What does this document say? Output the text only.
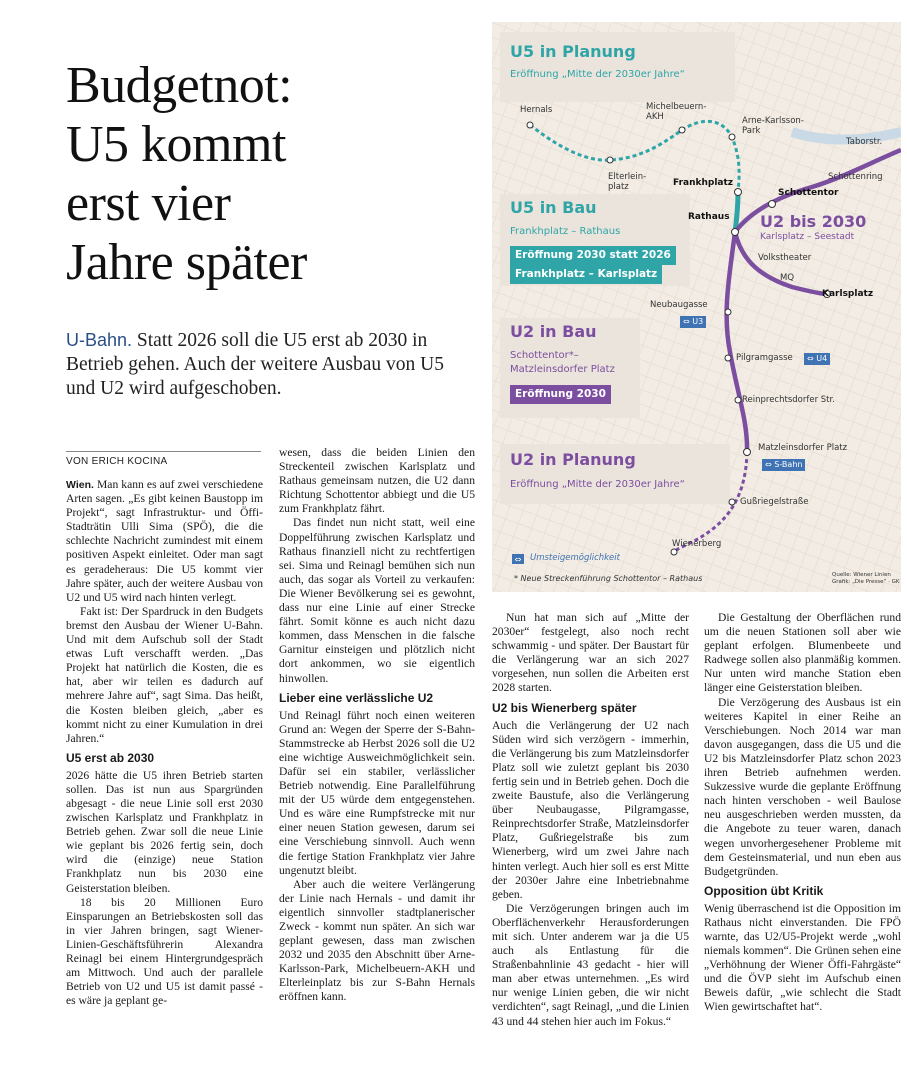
Budgetnot:
U5 kommt
erst vier
Jahre später
U-Bahn. Statt 2026 soll die U5 erst ab 2030 in Betrieb gehen. Auch der weitere Ausbau von U5 und U2 wird aufgeschoben.
VON ERICH KOCINA

Wien. Man kann es auf zwei verschiedene Arten sagen. „Es gibt keinen Baustopp im Projekt“, sagt Infrastruktur- und Öffi-Stadträtin Ulli Sima (SPÖ), die die schlechte Nachricht zumindest mit einem positiven Aspekt einleitet. Oder man sagt es geradeheraus: Die U5 kommt vier Jahre später, auch der weitere Ausbau von U2 und U5 wird nach hinten verlegt.

Fakt ist: Der Spardruck in den Budgets bremst den Ausbau der Wiener U-Bahn. Und mit dem Aufschub soll der Stadt etwas Luft verschafft werden. „Das Projekt hat natürlich die Kosten, die es hat, aber wir teilen es dadurch auf mehrere Jahre auf“, sagt Sima. Das heißt, die Kosten bleiben gleich, „aber es kommt nicht zu einer Kumulation in drei Jahren.“

U5 erst ab 2030

2026 hätte die U5 ihren Betrieb starten sollen. Das ist nun aus Spargründen abgesagt - die neue Linie soll erst 2030 zwischen Karlsplatz und Frankhplatz in Betrieb gehen. Zwar soll die neue Linie wie geplant bis 2026 fertig sein, doch wird die (einzige) neue Station Frankhplatz nun bis 2030 eine Geisterstation bleiben.

18 bis 20 Millionen Euro Einsparungen an Betriebskosten soll das in vier Jahren bringen, sagt Wiener-Linien-Geschäftsführerin Alexandra Reinagl bei einem Hintergrundgespräch am Mittwoch. Und auch der parallele Betrieb von U2 und U5 ist damit passé - es wäre ja geplant ge-

wesen, dass die beiden Linien den Streckenteil zwischen Karlsplatz und Rathaus gemeinsam nutzen, die U2 dann Richtung Schottentor abbiegt und die U5 zum Frankhplatz fährt.

Das findet nun nicht statt, weil eine Doppelführung zwischen Karlsplatz und Rathaus finanziell nicht zu rechtfertigen sei. Sima und Reinagl bemühen sich nun auch, das sogar als Vorteil zu verkaufen: Die Wiener Bevölkerung sei es gewohnt, dass nur eine Linie auf einer Strecke fährt. Somit könne es auch nicht dazu kommen, dass Menschen in die falsche Garnitur einsteigen und plötzlich nicht dort ankommen, wo sie eigentlich hinwollen.

Lieber eine verlässliche U2

Und Reinagl führt noch einen weiteren Grund an: Wegen der Sperre der S-Bahn-Stammstrecke ab Herbst 2026 soll die U2 eine wichtige Ausweichmöglichkeit sein. Dafür sei ein stabiler, verlässlicher Betrieb notwendig. Eine Parallelführung mit der U5 würde dem entgegenstehen. Und es wäre eine Rumpfstrecke mit nur einer neuen Station gewesen, darum sei eine Verschiebung sinnvoll. Auch wenn die fertige Station Frankhplatz vier Jahre ungenutzt bleibt.

Aber auch die weitere Verlängerung der Linie nach Hernals - und damit ihr eigentlich sinnvoller stadtplanerischer Zweck - kommt nun später. An sich war geplant gewesen, dass man zwischen 2032 und 2035 den Abschnitt über Arne-Karlsson-Park, Michelbeuern-AKH und Elterleinplatz bis zur S-Bahn Hernals eröffnen kann.

Nun hat man sich auf „Mitte der 2030er“ festgelegt, also noch recht schwammig - und später. Der Baustart für die Verlängerung war an sich 2027 vorgesehen, nun sollen die Arbeiten erst 2028 starten.

U2 bis Wienerberg später

Auch die Verlängerung der U2 nach Süden wird sich verzögern - immerhin, die Verlängerung bis zum Matzleinsdorfer Platz soll wie zuletzt geplant bis 2030 fertig sein und in Betrieb gehen. Doch die zweite Baustufe, also die Verlängerung über Neubaugasse, Pilgramgasse, Reinprechtsdorfer Straße, Matzleinsdorfer Platz, Gußriegelstraße bis zum Wienerberg, wird um zwei Jahre nach hinten verlegt. Auch hier soll es erst Mitte der 2030er Jahre eine Inbetriebnahme geben.

Die Verzögerungen bringen auch im Oberflächenverkehr Herausforderungen mit sich. Unter anderem war ja die U5 auch als Entlastung für die Straßenbahnlinie 43 gedacht - hier will man aber etwas unternehmen. „Es wird nur wenige Linien geben, die wir nicht verdichten“, sagt Reinagl, „und die Linien 43 und 44 stehen hier auch im Fokus.“

Die Gestaltung der Oberflächen rund um die neuen Stationen soll aber wie geplant erfolgen. Blumenbeete und Radwege sollen also planmäßig kommen. Nur unten wird manche Station eben länger eine Geisterstation bleiben.

Die Verzögerung des Ausbaus ist ein weiteres Kapitel in einer Reihe an Verschiebungen. Noch 2014 war man davon ausgegangen, dass die U5 und die U2 bis Matzleinsdorfer Platz schon 2023 ihren Betrieb aufnehmen werden. Sukzessive wurde die geplante Eröffnung nach hinten verschoben - weil Baulose neu ausgeschrieben werden mussten, da die Angebote zu teuer waren, danach wegen unvorhergesehener Probleme mit dem Gesteinsmaterial, und nun eben aus Budgetgründen.

Opposition übt Kritik

Wenig überraschend ist die Opposition im Rathaus nicht einverstanden. Die FPÖ warnte, das U2/U5-Projekt werde „wohl niemals kommen“. Die Grünen sehen eine „Verhöhnung der Wiener Öffi-Fahrgäste“ und die ÖVP sieht im Aufschub einen Beweis dafür, „wie schlecht die Stadt Wien gewirtschaftet hat“.

⇔
U5 in Planung
Eröffnung „Mitte der 2030er Jahre“
U5 in Bau
Frankhplatz – Rathaus
Eröffnung 2030 statt 2026
Frankhplatz – Karlsplatz
U2 bis 2030
Karlsplatz – Seestadt
U2 in Bau
Schottentor*–
Matzleinsdorfer Platz
Eröffnung 2030
U2 in Planung
Eröffnung „Mitte der 2030er Jahre“
Umsteigemöglichkeit
* Neue Streckenführung Schottentor – Rathaus	Quelle: Wiener Linien
Grafik: „Die Presse“ · GK
Hernals	Michelbeuern-
AKH	Arne-Karlsson-
Park
Taborstr.
Schottenring
Elterlein-
platz	Frankhplatz
Schottentor
Rathaus
Volkstheater
MQ
Karlsplatz
Neubaugasse
⇔ U3
Pilgramgasse	⇔ U4
Reinprechtsdorfer Str.
Matzleinsdorfer Platz
⇔ S-Bahn
Gußriegelstraße
Wienerberg
